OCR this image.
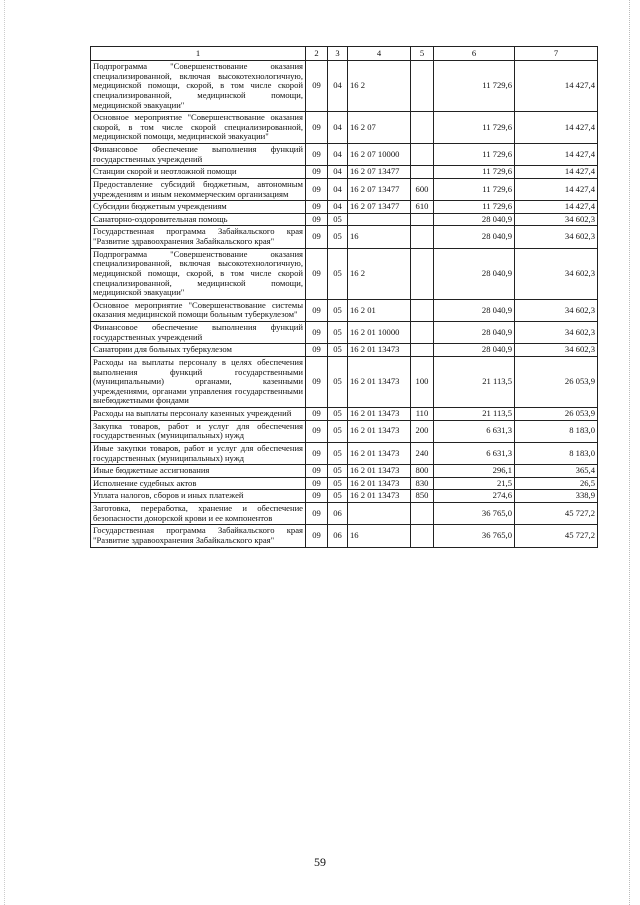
1	2	3	4	5	6	7
Подпрограмма "Совершенствование оказания специализированной, включая высокотехнологичную, медицинской помощи, скорой, в том числе скорой специализированной, медицинской помощи, медицинской эвакуации"	09	04	16 2		11 729,6	14 427,4
Основное мероприятие "Совершенствование оказания скорой, в том числе скорой специализированной, медицинской помощи, медицинской эвакуации"	09	04	16 2 07		11 729,6	14 427,4
Финансовое обеспечение выполнения функций государственных учреждений	09	04	16 2 07 10000		11 729,6	14 427,4
Станции скорой и неотложной помощи	09	04	16 2 07 13477		11 729,6	14 427,4
Предоставление субсидий бюджетным, автономным учреждениям и иным некоммерческим организациям	09	04	16 2 07 13477	600	11 729,6	14 427,4
Субсидии бюджетным учреждениям	09	04	16 2 07 13477	610	11 729,6	14 427,4
Санаторно-оздоровительная помощь	09	05			28 040,9	34 602,3
Государственная программа Забайкальского края "Развитие здравоохранения Забайкальского края"	09	05	16		28 040,9	34 602,3
Подпрограмма "Совершенствование оказания специализированной, включая высокотехнологичную, медицинской помощи, скорой, в том числе скорой специализированной, медицинской помощи, медицинской эвакуации"	09	05	16 2		28 040,9	34 602,3
Основное мероприятие "Совершенствование системы оказания медицинской помощи больным туберкулезом"	09	05	16 2 01		28 040,9	34 602,3
Финансовое обеспечение выполнения функций государственных учреждений	09	05	16 2 01 10000		28 040,9	34 602,3
Санатории для больных туберкулезом	09	05	16 2 01 13473		28 040,9	34 602,3
Расходы на выплаты персоналу в целях обеспечения выполнения функций государственными (муниципальными) органами, казенными учреждениями, органами управления государственными внебюджетными фондами	09	05	16 2 01 13473	100	21 113,5	26 053,9
Расходы на выплаты персоналу казенных учреждений	09	05	16 2 01 13473	110	21 113,5	26 053,9
Закупка товаров, работ и услуг для обеспечения государственных (муниципальных) нужд	09	05	16 2 01 13473	200	6 631,3	8 183,0
Иные закупки товаров, работ и услуг для обеспечения государственных (муниципальных) нужд	09	05	16 2 01 13473	240	6 631,3	8 183,0
Иные бюджетные ассигнования	09	05	16 2 01 13473	800	296,1	365,4
Исполнение судебных актов	09	05	16 2 01 13473	830	21,5	26,5
Уплата налогов, сборов и иных платежей	09	05	16 2 01 13473	850	274,6	338,9
Заготовка, переработка, хранение и обеспечение безопасности донорской крови и ее компонентов	09	06			36 765,0	45 727,2
Государственная программа Забайкальского края "Развитие здравоохранения Забайкальского края"	09	06	16		36 765,0	45 727,2
59
